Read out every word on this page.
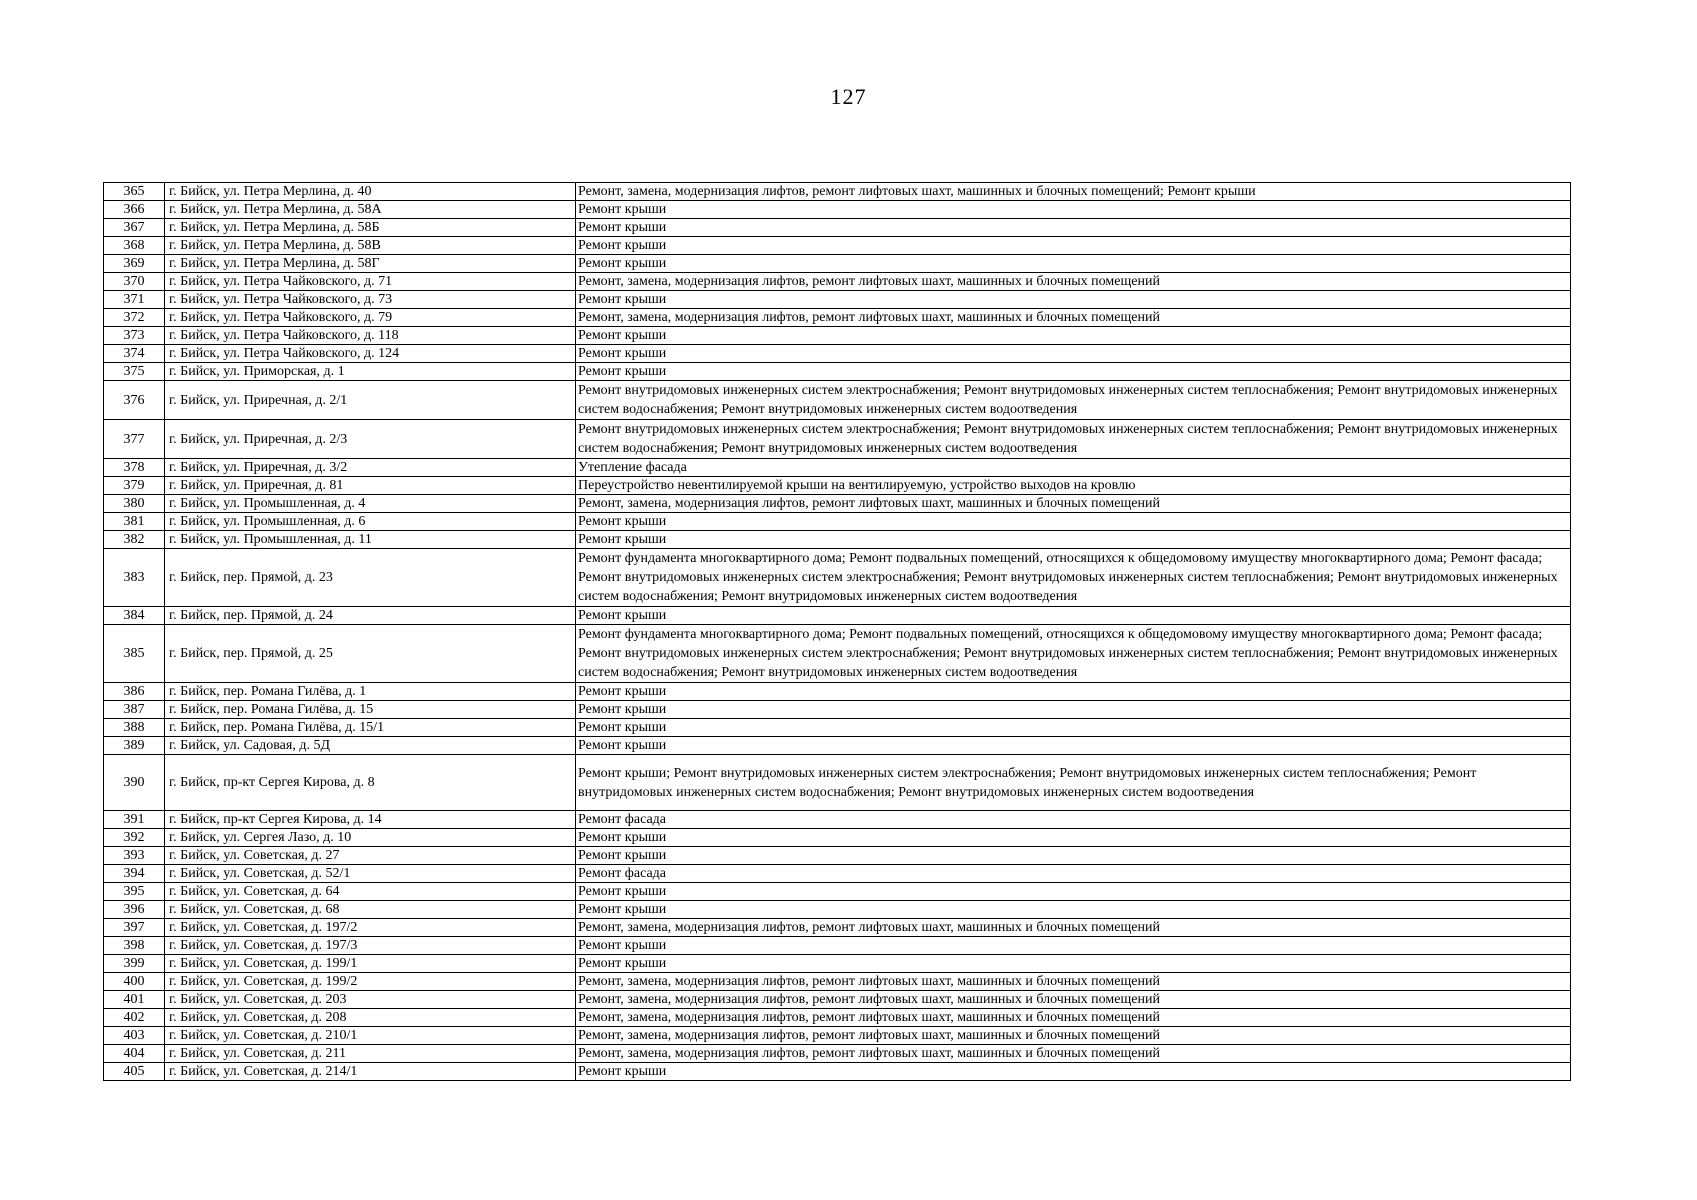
127
365	г. Бийск, ул. Петра Мерлина, д. 40	Ремонт, замена, модернизация лифтов, ремонт лифтовых шахт, машинных и блочных помещений; Ремонт крыши
366	г. Бийск, ул. Петра Мерлина, д. 58А	Ремонт крыши
367	г. Бийск, ул. Петра Мерлина, д. 58Б	Ремонт крыши
368	г. Бийск, ул. Петра Мерлина, д. 58В	Ремонт крыши
369	г. Бийск, ул. Петра Мерлина, д. 58Г	Ремонт крыши
370	г. Бийск, ул. Петра Чайковского, д. 71	Ремонт, замена, модернизация лифтов, ремонт лифтовых шахт, машинных и блочных помещений
371	г. Бийск, ул. Петра Чайковского, д. 73	Ремонт крыши
372	г. Бийск, ул. Петра Чайковского, д. 79	Ремонт, замена, модернизация лифтов, ремонт лифтовых шахт, машинных и блочных помещений
373	г. Бийск, ул. Петра Чайковского, д. 118	Ремонт крыши
374	г. Бийск, ул. Петра Чайковского, д. 124	Ремонт крыши
375	г. Бийск, ул. Приморская, д. 1	Ремонт крыши
376	г. Бийск, ул. Приречная, д. 2/1	Ремонт внутридомовых инженерных систем электроснабжения; Ремонт внутридомовых инженерных систем теплоснабжения; Ремонт внутридомовых инженерных систем водоснабжения; Ремонт внутридомовых инженерных систем водоотведения
377	г. Бийск, ул. Приречная, д. 2/3	Ремонт внутридомовых инженерных систем электроснабжения; Ремонт внутридомовых инженерных систем теплоснабжения; Ремонт внутридомовых инженерных систем водоснабжения; Ремонт внутридомовых инженерных систем водоотведения
378	г. Бийск, ул. Приречная, д. 3/2	Утепление фасада
379	г. Бийск, ул. Приречная, д. 81	Переустройство невентилируемой крыши на вентилируемую, устройство выходов на кровлю
380	г. Бийск, ул. Промышленная, д. 4	Ремонт, замена, модернизация лифтов, ремонт лифтовых шахт, машинных и блочных помещений
381	г. Бийск, ул. Промышленная, д. 6	Ремонт крыши
382	г. Бийск, ул. Промышленная, д. 11	Ремонт крыши
383	г. Бийск, пер. Прямой, д. 23	Ремонт фундамента многоквартирного дома; Ремонт подвальных помещений, относящихся к общедомовому имуществу многоквартирного дома; Ремонт фасада; Ремонт внутридомовых инженерных систем электроснабжения; Ремонт внутридомовых инженерных систем теплоснабжения; Ремонт внутридомовых инженерных систем водоснабжения; Ремонт внутридомовых инженерных систем водоотведения
384	г. Бийск, пер. Прямой, д. 24	Ремонт крыши
385	г. Бийск, пер. Прямой, д. 25	Ремонт фундамента многоквартирного дома; Ремонт подвальных помещений, относящихся к общедомовому имуществу многоквартирного дома; Ремонт фасада; Ремонт внутридомовых инженерных систем электроснабжения; Ремонт внутридомовых инженерных систем теплоснабжения; Ремонт внутридомовых инженерных систем водоснабжения; Ремонт внутридомовых инженерных систем водоотведения
386	г. Бийск, пер. Романа Гилёва, д. 1	Ремонт крыши
387	г. Бийск, пер. Романа Гилёва, д. 15	Ремонт крыши
388	г. Бийск, пер. Романа Гилёва, д. 15/1	Ремонт крыши
389	г. Бийск, ул. Садовая, д. 5Д	Ремонт крыши
390	г. Бийск, пр-кт Сергея Кирова, д. 8	Ремонт крыши; Ремонт внутридомовых инженерных систем электроснабжения; Ремонт внутридомовых инженерных систем теплоснабжения; Ремонт внутридомовых инженерных систем водоснабжения; Ремонт внутридомовых инженерных систем водоотведения
391	г. Бийск, пр-кт Сергея Кирова, д. 14	Ремонт фасада
392	г. Бийск, ул. Сергея Лазо, д. 10	Ремонт крыши
393	г. Бийск, ул. Советская, д. 27	Ремонт крыши
394	г. Бийск, ул. Советская, д. 52/1	Ремонт фасада
395	г. Бийск, ул. Советская, д. 64	Ремонт крыши
396	г. Бийск, ул. Советская, д. 68	Ремонт крыши
397	г. Бийск, ул. Советская, д. 197/2	Ремонт, замена, модернизация лифтов, ремонт лифтовых шахт, машинных и блочных помещений
398	г. Бийск, ул. Советская, д. 197/3	Ремонт крыши
399	г. Бийск, ул. Советская, д. 199/1	Ремонт крыши
400	г. Бийск, ул. Советская, д. 199/2	Ремонт, замена, модернизация лифтов, ремонт лифтовых шахт, машинных и блочных помещений
401	г. Бийск, ул. Советская, д. 203	Ремонт, замена, модернизация лифтов, ремонт лифтовых шахт, машинных и блочных помещений
402	г. Бийск, ул. Советская, д. 208	Ремонт, замена, модернизация лифтов, ремонт лифтовых шахт, машинных и блочных помещений
403	г. Бийск, ул. Советская, д. 210/1	Ремонт, замена, модернизация лифтов, ремонт лифтовых шахт, машинных и блочных помещений
404	г. Бийск, ул. Советская, д. 211	Ремонт, замена, модернизация лифтов, ремонт лифтовых шахт, машинных и блочных помещений
405	г. Бийск, ул. Советская, д. 214/1	Ремонт крыши
